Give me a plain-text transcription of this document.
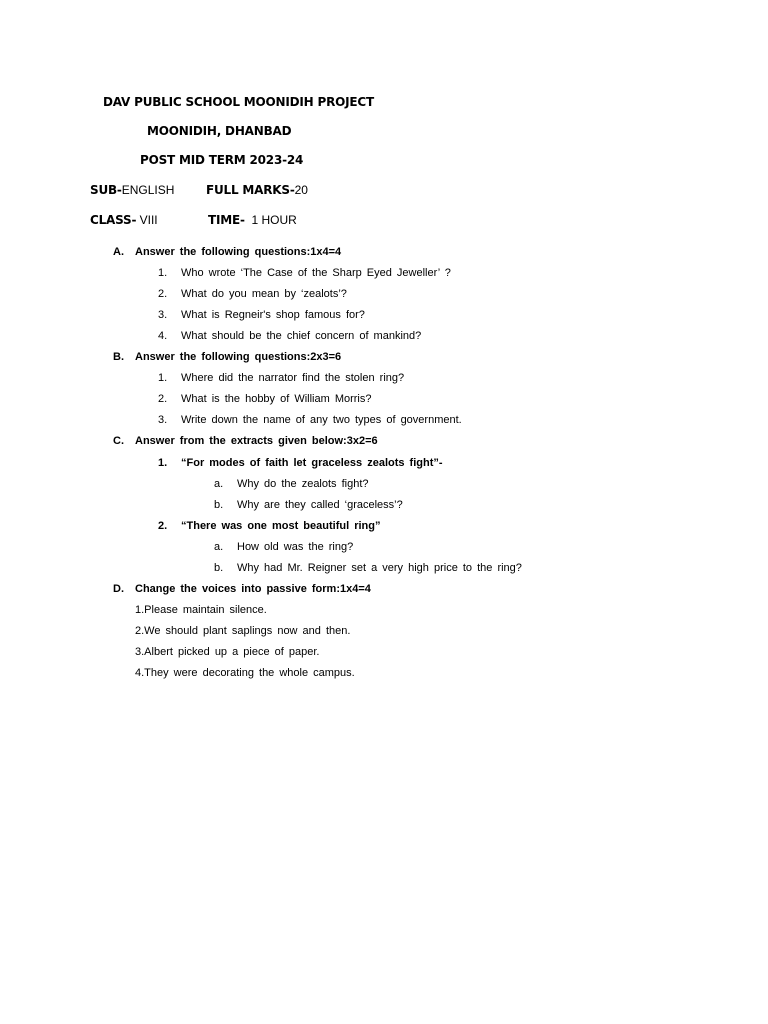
DAV PUBLIC SCHOOL MOONIDIH PROJECT
MOONIDIH, DHANBAD
POST MID TERM 2023-24
SUB-ENGLISH	FULL MARKS-20
CLASS- VIII	TIME- 1 HOUR
A. Answer the following questions:1x4=4
1. Who wrote ‘The Case of the Sharp Eyed Jeweller’ ?
2. What do you mean by ‘zealots’?
3. What is Regneir's shop famous for?
4. What should be the chief concern of mankind?
B. Answer the following questions:2x3=6
1. Where did the narrator find the stolen ring?
2. What is the hobby of William Morris?
3. Write down the name of any two types of government.
C. Answer from the extracts given below:3x2=6
1. “For modes of faith let graceless zealots fight”-
a. Why do the zealots fight?
b. Why are they called ‘graceless’?
2. “There was one most beautiful ring”
a. How old was the ring?
b. Why had Mr. Reigner set a very high price to the ring?
D. Change the voices into passive form:1x4=4
1.Please maintain silence.
2.We should plant saplings now and then.
3.Albert picked up a piece of paper.
4.They were decorating the whole campus.
